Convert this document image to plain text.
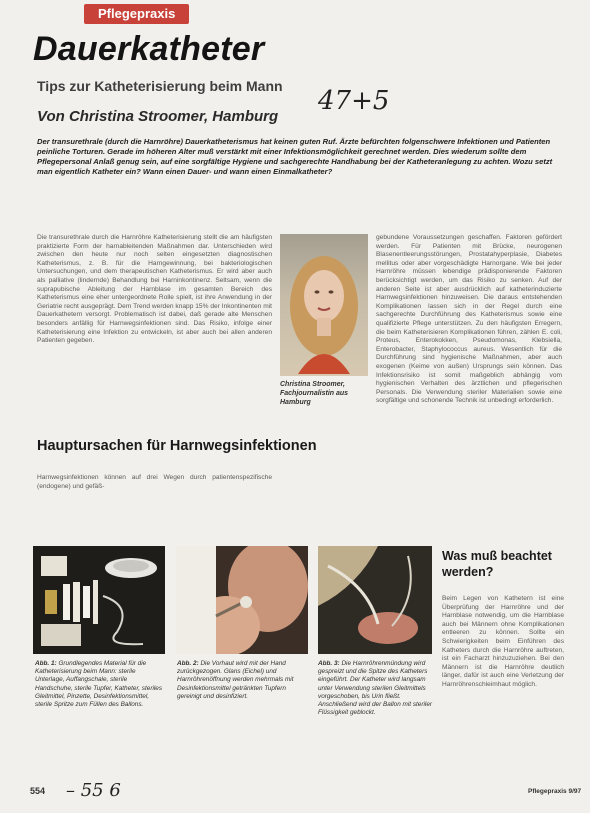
Pflegepraxis
Dauerkatheter
Tips zur Katheterisierung beim Mann
Von Christina Stroomer, Hamburg
47+5
Der transurethrale (durch die Harnröhre) Dauerkatheterismus hat keinen guten Ruf. Ärzte befürchten folgenschwere Infektionen und Patienten peinliche Torturen. Gerade im höheren Alter muß verstärkt mit einer Infektionsmöglichkeit gerechnet werden. Dies wiederum sollte dem Pflegepersonal Anlaß genug sein, auf eine sorgfältige Hygiene und sachgerechte Handhabung bei der Katheteranlegung zu achten. Wozu setzt man eigentlich Katheter ein? Wann einen Dauer- und wann einen Einmalkatheter?
Die transurethrale durch die Harnröhre Katheterisierung stellt die am häufigsten praktizierte Form der harnableitenden Maßnahmen dar. Unterschieden wird zwischen den heute nur noch selten eingesetzten diagnostischen Katheterismus, z. B. für die Harngewinnung, bei bakteriologischen Untersuchungen, und dem therapeutischen Katheterismus. Er wird aber auch als palliative (lindernde) Behandlung bei Harninkontinenz. Seltsam, wenn die suprapubische Ableitung der Harnblase im gesamten Bereich des Katheterismus eine eher untergeordnete Rolle spielt, ist ihre Anwendung in der Geriatrie recht ausgeprägt. Dem Trend werden knapp 15% der Inkontinenten mit Dauerkathetern versorgt. Problematisch ist dabei, daß gerade alte Menschen besonders anfällig für Harnwegsinfektionen sind. Das Risiko, infolge einer Katheterisierung eine Infektion zu entwickeln, ist aber auch bei allen anderen Patienten gegeben.
Hauptursachen für Harnwegsinfektionen
Harnwegsinfektionen können auf drei Wegen durch patientenspezifische (endogene) und gefäß-
Christina Stroomer, Fachjournalistin aus Hamburg
gebundene Voraussetzungen geschaffen. Faktoren gefördert werden. Für Patienten mit Brücke, neurogenen Blasenentleerungsstörungen, Prostatahyperplasie, Diabetes mellitus oder aber vorgeschädigte Harnorgane. Wie bei jeder Harnröhre müssen lebendige prädisponierende Faktoren berücksichtigt werden, um das Risiko zu senken. Auf der anderen Seite ist aber ausdrücklich auf katheterinduzierte Harnwegsinfektionen hinzuweisen. Die daraus entstehenden Komplikationen lassen sich in der Regel durch eine sachgerechte Durchführung des Katheterismus sowie eine qualifizierte Pflege unterstützen. Zu den häufigsten Erregern, die beim Katheterisieren Komplikationen führen, zählen E. coli, Proteus, Enterokokken, Pseudomonas, Klebsiella, Enterobacter, Staphylococcus aureus. Wesentlich für die Durchführung sind hygienische Maßnahmen, aber auch exogenen (Keime von außen) Ursprungs sein können. Das Infektionsrisiko ist somit maßgeblich abhängig vom hygienischen Verhalten des ärztlichen und pflegerischen Personals. Die Verwendung steriler Materialien sowie eine sorgfältige und schonende Technik ist unbedingt erforderlich.
Was muß beachtet werden?
Beim Legen von Kathetern ist eine Überprüfung der Harnröhre und der Harnblase notwendig, um die Harnblase auch bei Männern ohne Komplikationen entleeren zu können. Sollte ein Schwierigkeiten beim Einführen des Katheters durch die Harnröhre auftreten, ist ein Facharzt hinzuzuziehen. Bei den Männern ist die Harnröhre deutlich länger, dafür ist auch eine Verletzung der Harnröhrenschleimhaut möglich.
Abb. 1: Grundlegendes Material für die Katheterisierung beim Mann: sterile Unterlage, Auffangschale, sterile Handschuhe, sterile Tupfer, Katheter, steriles Gleitmittel, Pinzette, Desinfektionsmittel, sterile Spritze zum Füllen des Ballons.
Abb. 2: Die Vorhaut wird mit der Hand zurückgezogen. Glans (Eichel) und Harnröhrenöffnung werden mehrmals mit Desinfektionsmittel getränkten Tupfern gereinigt und desinfiziert.
Abb. 3: Die Harnröhrenmündung wird gespreizt und die Spitze des Katheters eingeführt. Der Katheter wird langsam unter Verwendung sterilen Gleitmittels vorgeschoben, bis Urin fließt. Anschließend wird der Ballon mit steriler Flüssigkeit geblockt.
554 – 55 6	Pflegepraxis 9/97
